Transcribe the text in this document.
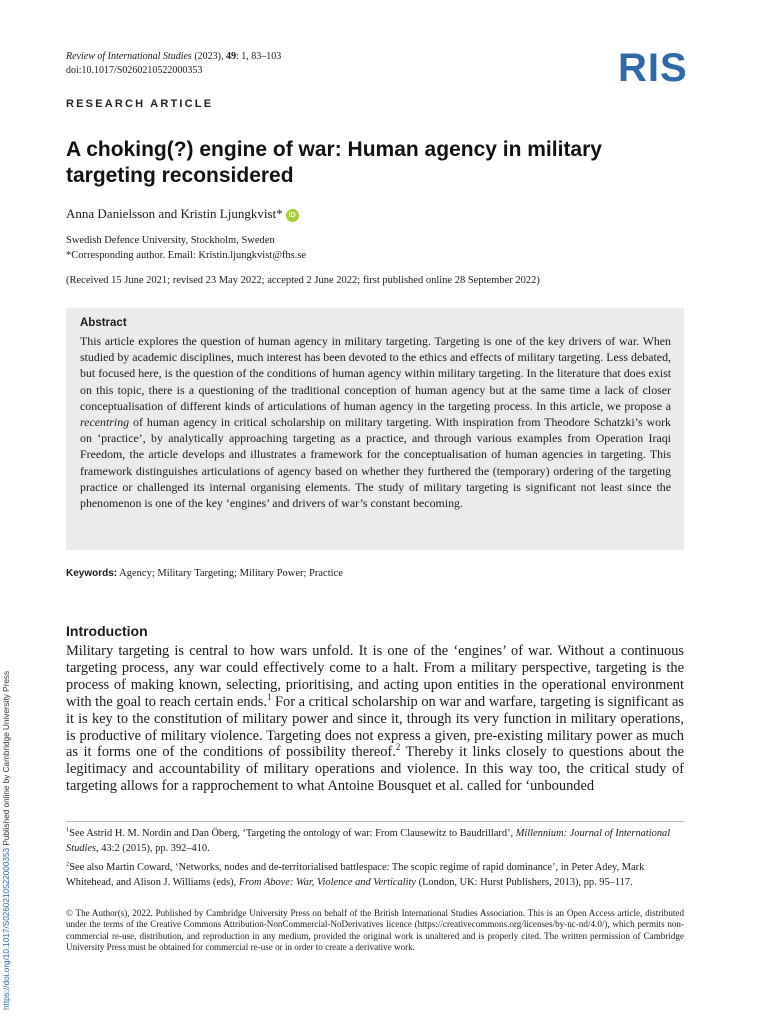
Review of International Studies (2023), 49: 1, 83–103
doi:10.1017/S0260210522000353	RIS
RESEARCH ARTICLE
A choking(?) engine of war: Human agency in military targeting reconsidered
Anna Danielsson and Kristin Ljungkvist* iD
Swedish Defence University, Stockholm, Sweden
*Corresponding author. Email: Kristin.ljungkvist@fhs.se
(Received 15 June 2021; revised 23 May 2022; accepted 2 June 2022; first published online 28 September 2022)
Abstract
This article explores the question of human agency in military targeting. Targeting is one of the key drivers of war. When studied by academic disciplines, much interest has been devoted to the ethics and effects of military targeting. Less debated, but focused here, is the question of the conditions of human agency within military targeting. In the literature that does exist on this topic, there is a questioning of the traditional conception of human agency but at the same time a lack of closer conceptualisation of different kinds of articulations of human agency in the targeting process. In this article, we propose a recentring of human agency in critical scholarship on military targeting. With inspiration from Theodore Schatzki’s work on ‘practice’, by analytically approaching targeting as a practice, and through various examples from Operation Iraqi Freedom, the article develops and illustrates a framework for the conceptualisation of human agencies in targeting. This framework distinguishes articulations of agency based on whether they furthered the (temporary) ordering of the targeting practice or challenged its internal organising elements. The study of military targeting is significant not least since the phenomenon is one of the key ‘engines’ and drivers of war’s constant becoming.
Keywords: Agency; Military Targeting; Military Power; Practice
Introduction
Military targeting is central to how wars unfold. It is one of the ‘engines’ of war. Without a continuous targeting process, any war could effectively come to a halt. From a military perspective, targeting is the process of making known, selecting, prioritising, and acting upon entities in the operational environment with the goal to reach certain ends.$^1$ For a critical scholarship on war and warfare, targeting is significant as it is key to the constitution of military power and since it, through its very function in military operations, is productive of military violence. Targeting does not express a given, pre-existing military power as much as it forms one of the conditions of possibility thereof.$^2$ Thereby it links closely to questions about the legitimacy and accountability of military operations and violence. In this way too, the critical study of targeting allows for a rapprochement to what Antoine Bousquet et al. called for ‘unbounded
$^1$See Astrid H. M. Nordin and Dan Öberg, ‘Targeting the ontology of war: From Clausewitz to Baudrillard’, Millennium: Journal of International Studies, 43:2 (2015), pp. 392–410.
$^2$See also Martin Coward, ‘Networks, nodes and de-territorialised battlespace: The scopic regime of rapid dominance’, in Peter Adey, Mark Whitehead, and Alison J. Williams (eds), From Above: War, Violence and Verticality (London, UK: Hurst Publishers, 2013), pp. 95–117.
© The Author(s), 2022. Published by Cambridge University Press on behalf of the British International Studies Association. This is an Open Access article, distributed under the terms of the Creative Commons Attribution-NonCommercial-NoDerivatives licence (https://creativecommons.org/licenses/by-nc-nd/4.0/), which permits non-commercial re-use, distribution, and reproduction in any medium, provided the original work is unaltered and is properly cited. The written permission of Cambridge University Press must be obtained for commercial re-use or in order to create a derivative work.
https://doi.org/10.1017/S0260210522000353 Published online by Cambridge University Press
